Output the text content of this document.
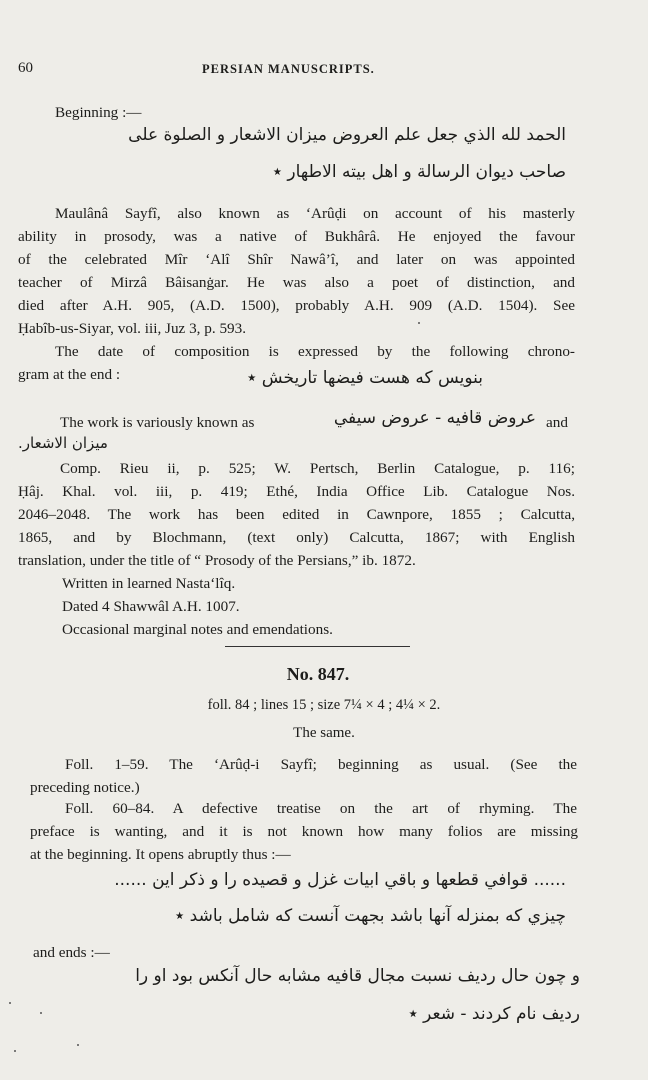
60	PERSIAN MANUSCRIPTS.
Beginning :—
الحمد لله الذي جعل علم العروض ميزان الاشعار و الصلوة على
صاحب ديوان الرسالة و اهل بيته الاطهار ٭
Maulânâ Sayfî, also known as ‘Arûḍi on account of his masterly
ability in prosody, was a native of Bukhârâ. He enjoyed the favour
of the celebrated Mîr ‘Alî Shîr Nawâ’î, and later on was appointed
teacher of Mirzâ Bâisanġar. He was also a poet of distinction, and
died after A.H. 905, (A.D. 1500), probably A.H. 909 (A.D. 1504). See
Ḥabîb-us-Siyar, vol. iii, Juz 3, p. 593.
The date of composition is expressed by the following chrono-
gram at the end :	بنويس كه هست فيضها تاريخش ٭
The work is variously known as	عروض قافيه - عروض سيفي and
ميزان الاشعار.
Comp. Rieu ii, p. 525; W. Pertsch, Berlin Catalogue, p. 116;
Ḥâj. Khal. vol. iii, p. 419; Ethé, India Office Lib. Catalogue Nos.
2046–2048. The work has been edited in Cawnpore, 1855 ; Calcutta,
1865, and by Blochmann, (text only) Calcutta, 1867; with English
translation, under the title of “ Prosody of the Persians,” ib. 1872.
Written in learned Nasta‘lîq.
Dated 4 Shawwâl A.H. 1007.
Occasional marginal notes and emendations.
No. 847.
foll. 84 ; lines 15 ; size 7¼ × 4 ; 4¼ × 2.
The same.
Foll. 1–59. The ‘Arûḍ-i Sayfî; beginning as usual. (See the
preceding notice.)
Foll. 60–84. A defective treatise on the art of rhyming. The
preface is wanting, and it is not known how many folios are missing
at the beginning. It opens abruptly thus :—
...... قوافي قطعها و باقي ابيات غزل و قصيده را و ذكر اين ......
چيزي كه بمنزله آنها باشد بجهت آنست كه شامل باشد ٭
and ends :—
و چون حال رديف نسبت مجال قافيه مشابه حال آنكس بود او را
رديف نام كردند - شعر ٭
